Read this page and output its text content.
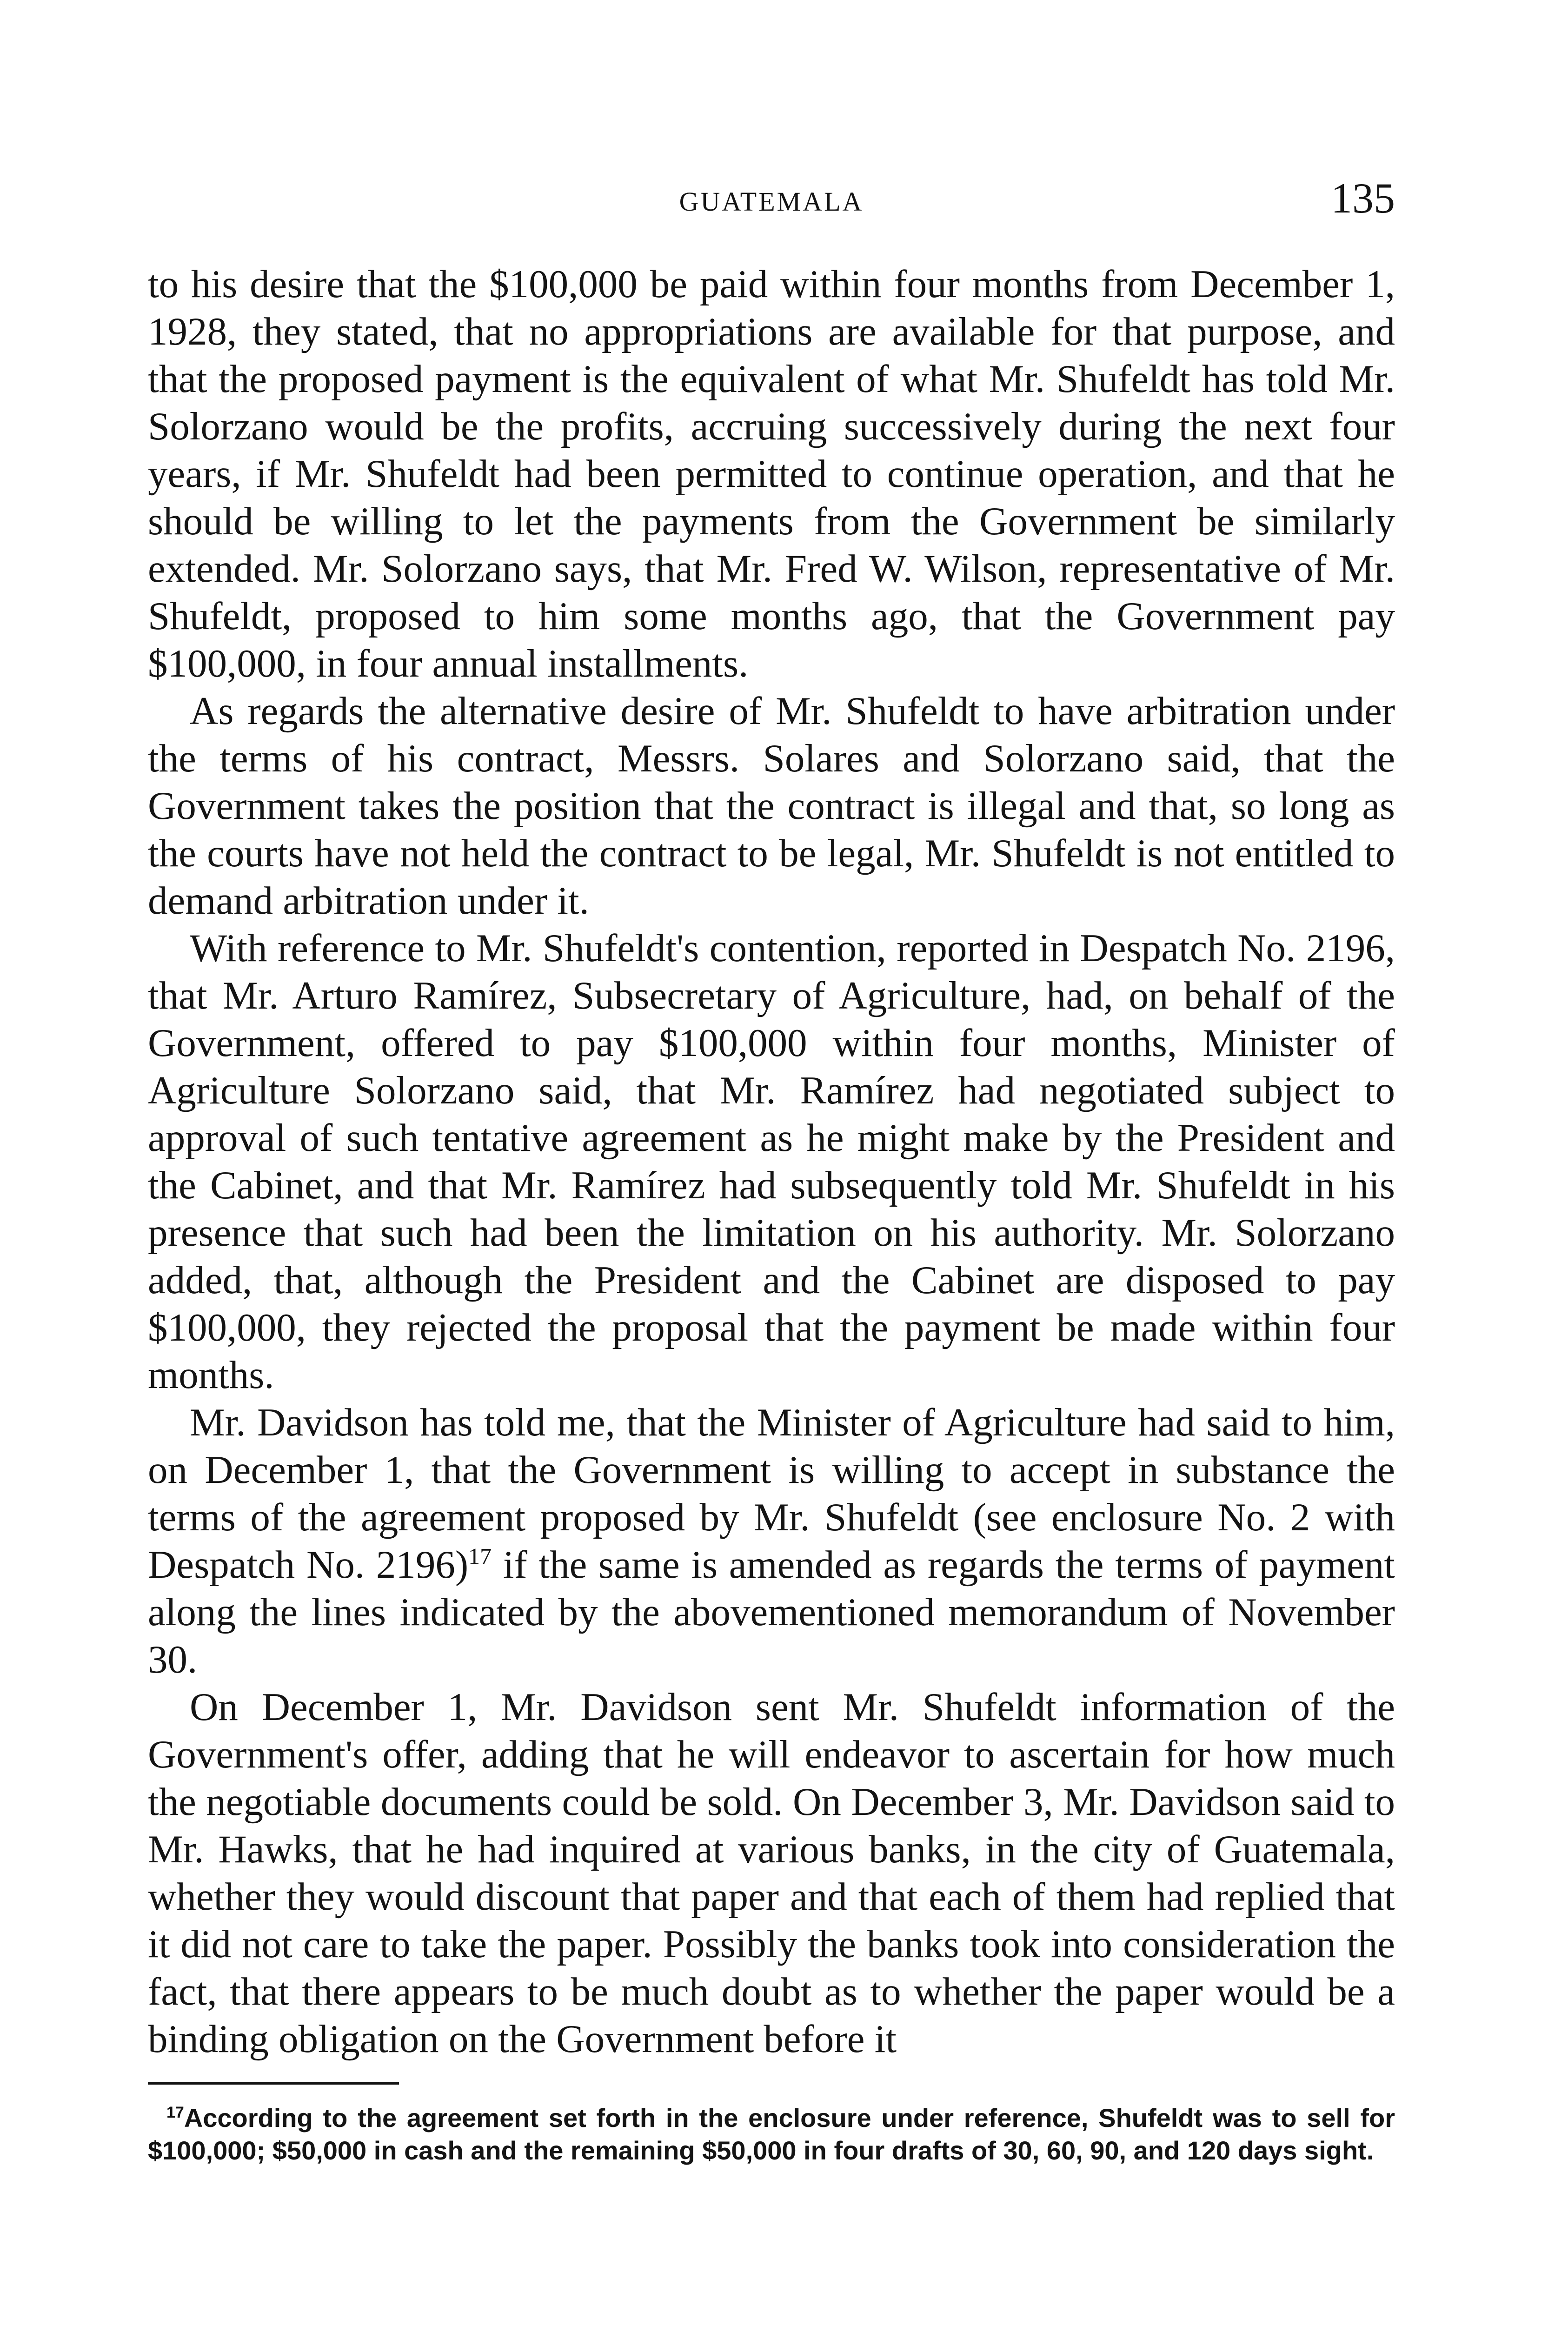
GUATEMALA	135

to his desire that the $100,000 be paid within four months from December 1, 1928, they stated, that no appropriations are available for that purpose, and that the proposed payment is the equivalent of what Mr. Shufeldt has told Mr. Solorzano would be the profits, accruing successively during the next four years, if Mr. Shufeldt had been permitted to continue operation, and that he should be willing to let the payments from the Government be similarly extended. Mr. Solorzano says, that Mr. Fred W. Wilson, representative of Mr. Shufeldt, proposed to him some months ago, that the Government pay $100,000, in four annual installments.

As regards the alternative desire of Mr. Shufeldt to have arbitration under the terms of his contract, Messrs. Solares and Solorzano said, that the Government takes the position that the contract is illegal and that, so long as the courts have not held the contract to be legal, Mr. Shufeldt is not entitled to demand arbitration under it.

With reference to Mr. Shufeldt's contention, reported in Despatch No. 2196, that Mr. Arturo Ramírez, Subsecretary of Agriculture, had, on behalf of the Government, offered to pay $100,000 within four months, Minister of Agriculture Solorzano said, that Mr. Ramírez had negotiated subject to approval of such tentative agreement as he might make by the President and the Cabinet, and that Mr. Ramírez had subsequently told Mr. Shufeldt in his presence that such had been the limitation on his authority. Mr. Solorzano added, that, although the President and the Cabinet are disposed to pay $100,000, they rejected the proposal that the payment be made within four months.

Mr. Davidson has told me, that the Minister of Agriculture had said to him, on December 1, that the Government is willing to accept in substance the terms of the agreement proposed by Mr. Shufeldt (see enclosure No. 2 with Despatch No. 2196)$^{17}$ if the same is amended as regards the terms of payment along the lines indicated by the abovementioned memorandum of November 30.

On December 1, Mr. Davidson sent Mr. Shufeldt information of the Government's offer, adding that he will endeavor to ascertain for how much the negotiable documents could be sold. On December 3, Mr. Davidson said to Mr. Hawks, that he had inquired at various banks, in the city of Guatemala, whether they would discount that paper and that each of them had replied that it did not care to take the paper. Possibly the banks took into consideration the fact, that there appears to be much doubt as to whether the paper would be a binding obligation on the Government before it

$^{17}$According to the agreement set forth in the enclosure under reference, Shufeldt was to sell for $100,000; $50,000 in cash and the remaining $50,000 in four drafts of 30, 60, 90, and 120 days sight.
